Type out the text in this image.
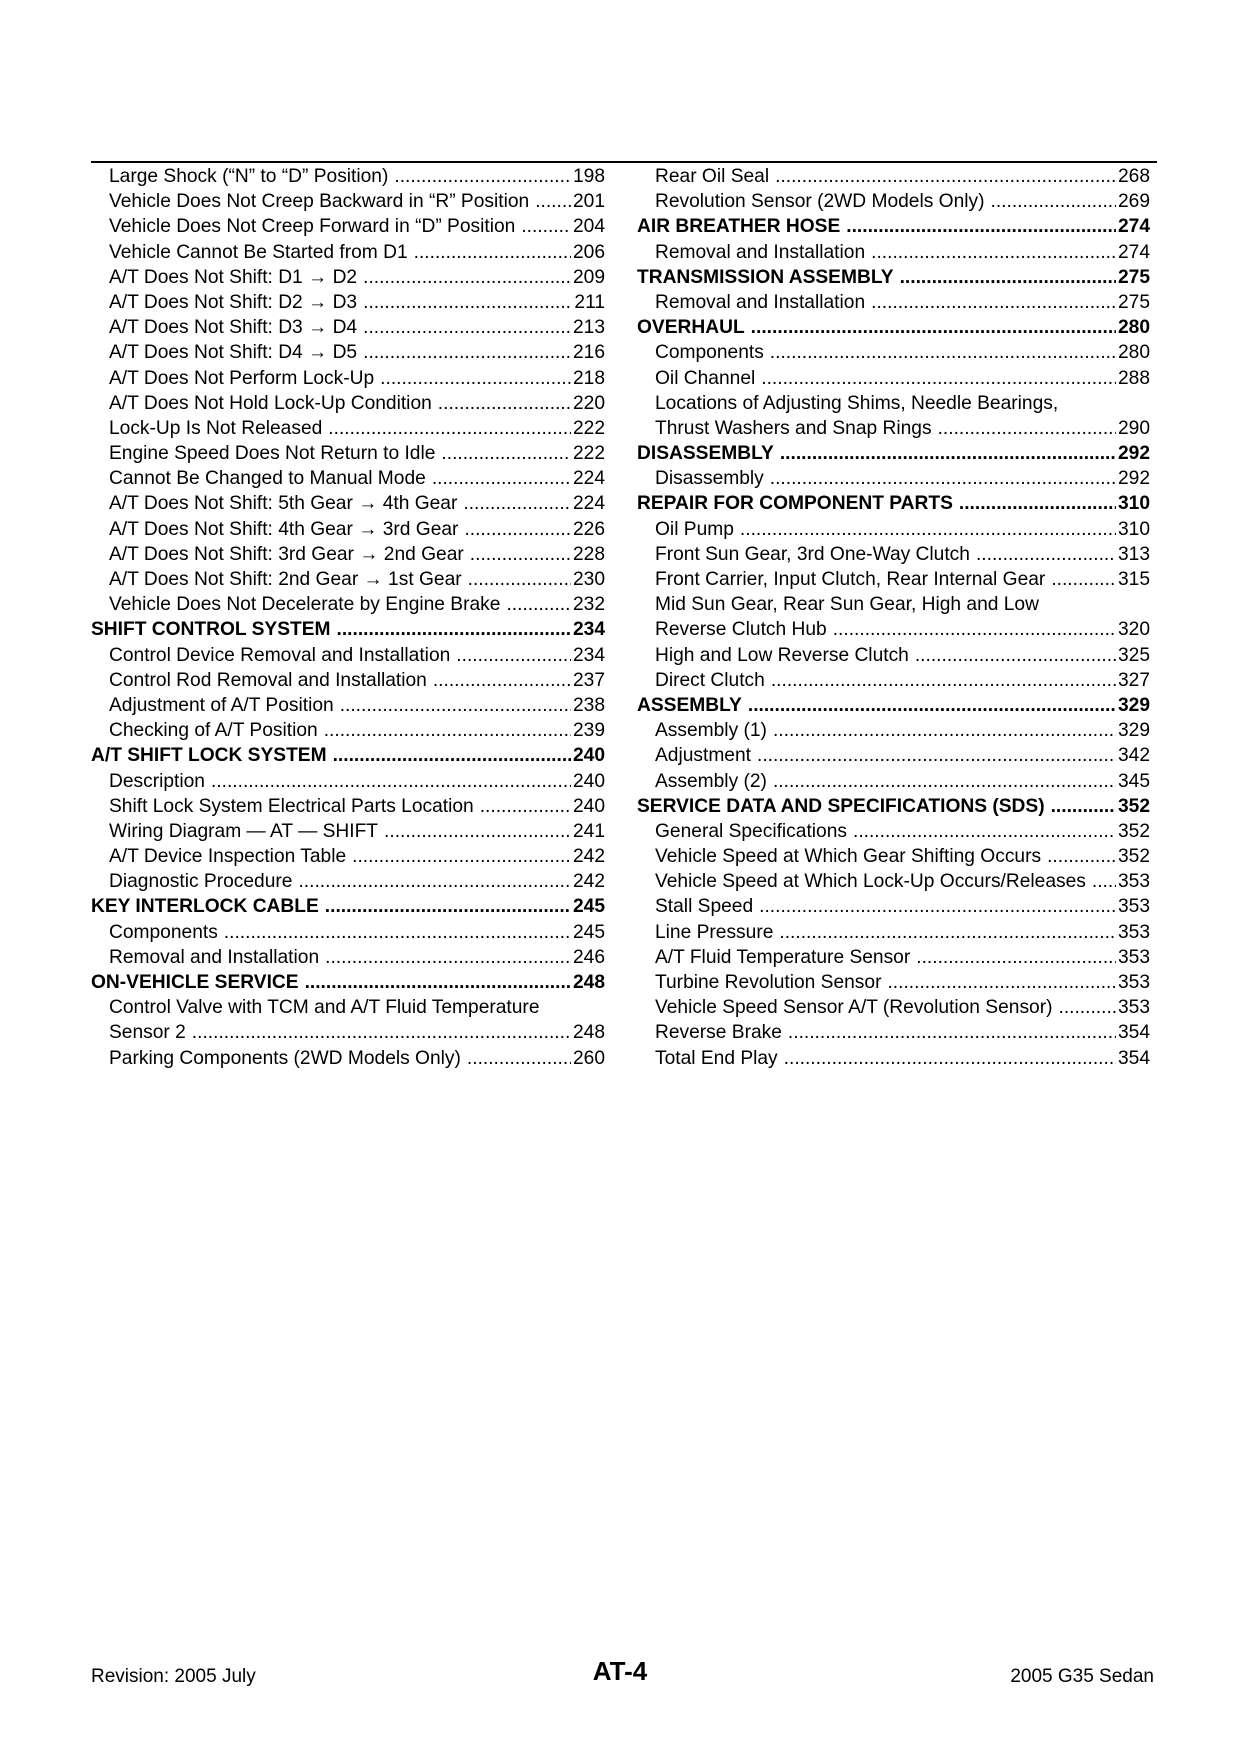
Large Shock (“N” to “D” Position) .....	198
Vehicle Does Not Creep Backward in “R” Position ..... 201
Vehicle Does Not Creep Forward in “D” Position .....	204
Vehicle Cannot Be Started from D1 .....	206
A/T Does Not Shift: D1 → D2 .....	209
A/T Does Not Shift: D2 → D3 .....	211
A/T Does Not Shift: D3 → D4 .....	213
A/T Does Not Shift: D4 → D5 .....	216
A/T Does Not Perform Lock-Up .....	218
A/T Does Not Hold Lock-Up Condition .....	220
Lock-Up Is Not Released .....	222
Engine Speed Does Not Return to Idle .....	222
Cannot Be Changed to Manual Mode .....	224
A/T Does Not Shift: 5th Gear → 4th Gear .....	224
A/T Does Not Shift: 4th Gear → 3rd Gear .....	226
A/T Does Not Shift: 3rd Gear → 2nd Gear .....	228
A/T Does Not Shift: 2nd Gear → 1st Gear .....	230
Vehicle Does Not Decelerate by Engine Brake .....	232
SHIFT CONTROL SYSTEM .....	234
Control Device Removal and Installation .....	234
Control Rod Removal and Installation .....	237
Adjustment of A/T Position .....	238
Checking of A/T Position .....	239
A/T SHIFT LOCK SYSTEM .....	240
Description .....	240
Shift Lock System Electrical Parts Location .....	240
Wiring Diagram — AT — SHIFT .....	241
A/T Device Inspection Table .....	242
Diagnostic Procedure .....	242
KEY INTERLOCK CABLE .....	245
Components .....	245
Removal and Installation .....	246
ON-VEHICLE SERVICE .....	248
Control Valve with TCM and A/T Fluid Temperature
Sensor 2 .....	248
Parking Components (2WD Models Only) .....	260
Rear Oil Seal .....	268
Revolution Sensor (2WD Models Only) .....	269
AIR BREATHER HOSE .....	274
Removal and Installation .....	274
TRANSMISSION ASSEMBLY .....	275
Removal and Installation .....	275
OVERHAUL .....	280
Components .....	280
Oil Channel .....	288
Locations of Adjusting Shims, Needle Bearings,
Thrust Washers and Snap Rings .....	290
DISASSEMBLY .....	292
Disassembly .....	292
REPAIR FOR COMPONENT PARTS .....	310
Oil Pump .....	310
Front Sun Gear, 3rd One-Way Clutch .....	313
Front Carrier, Input Clutch, Rear Internal Gear .....	315
Mid Sun Gear, Rear Sun Gear, High and Low
Reverse Clutch Hub .....	320
High and Low Reverse Clutch .....	325
Direct Clutch .....	327
ASSEMBLY .....	329
Assembly (1) .....	329
Adjustment .....	342
Assembly (2) .....	345
SERVICE DATA AND SPECIFICATIONS (SDS) .....	352
General Specifications .....	352
Vehicle Speed at Which Gear Shifting Occurs .....	352
Vehicle Speed at Which Lock-Up Occurs/Releases ..... 353
Stall Speed .....	353
Line Pressure .....	353
A/T Fluid Temperature Sensor .....	353
Turbine Revolution Sensor .....	353
Vehicle Speed Sensor A/T (Revolution Sensor) .....	353
Reverse Brake .....	354
Total End Play .....	354
Revision: 2005 July	AT-4	2005 G35 Sedan
